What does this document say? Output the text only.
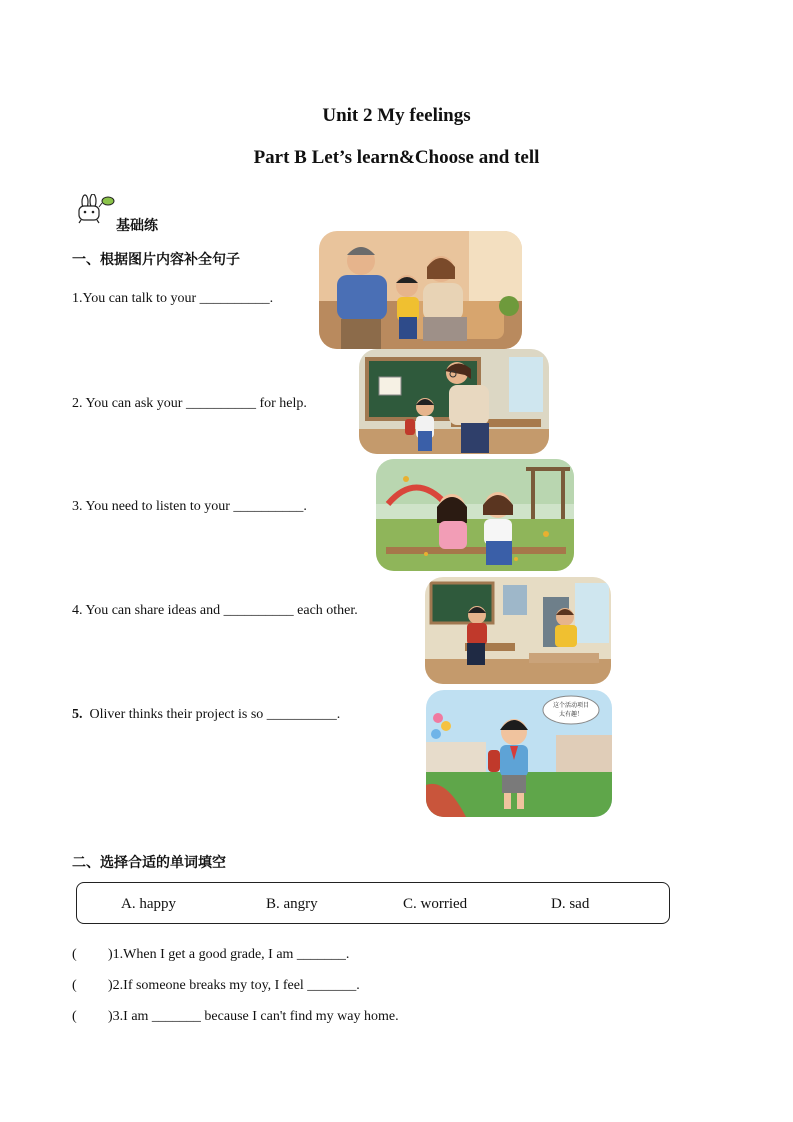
Unit 2 My feelings
Part B Let’s learn&Choose and tell
基础练
一、根据图片内容补全句子
1.You can talk to your __________.
2. You can ask your __________ for help.
3. You need to listen to your __________.
4. You can share ideas and __________ each other.
5. Oliver thinks their project is so __________.
这个活动项目
太有趣！
二、选择合适的单词填空
A. happy	B. angry	C. worried	D. sad
( )1.When I get a good grade, I am _______.
( )2.If someone breaks my toy, I feel _______.
( )3.I am _______ because I can't find my way home.
